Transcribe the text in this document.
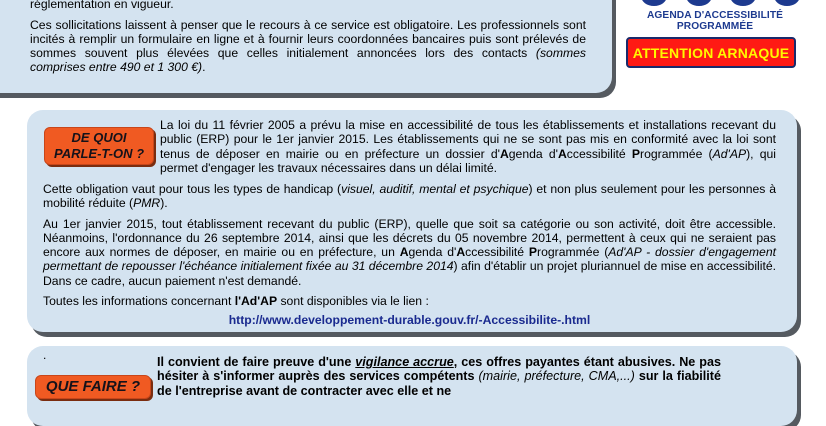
réglementation en vigueur.

Ces sollicitations laissent à penser que le recours à ce service est obligatoire. Les professionnels sont incités à remplir un formulaire en ligne et à fournir leurs coordonnées bancaires puis sont prélevés de sommes souvent plus élevées que celles initialement annoncées lors des contacts (sommes comprises entre 490 et 1 300 €).

AGENDA D'ACCESSIBILITÉ PROGRAMMÉE
ATTENTION ARNAQUE
DE QUOI
PARLE-T-ON ?

La loi du 11 février 2005 a prévu la mise en accessibilité de tous les établissements et installations recevant du public (ERP) pour le 1er janvier 2015. Les établissements qui ne se sont pas mis en conformité avec la loi sont tenus de déposer en mairie ou en préfecture un dossier d'Agenda d'Accessibilité Programmée (Ad'AP), qui permet d'engager les travaux nécessaires dans un délai limité.

Cette obligation vaut pour tous les types de handicap (visuel, auditif, mental et psychique) et non plus seulement pour les personnes à mobilité réduite (PMR).

Au 1er janvier 2015, tout établissement recevant du public (ERP), quelle que soit sa catégorie ou son activité, doit être accessible. Néanmoins, l'ordonnance du 26 septembre 2014, ainsi que les décrets du 05 novembre 2014, permettent à ceux qui ne seraient pas encore aux normes de déposer, en mairie ou en préfecture, un Agenda d'Accessibilité Programmée (Ad'AP - dossier d'engagement permettant de repousser l'échéance initialement fixée au 31 décembre 2014) afin d'établir un projet pluriannuel de mise en accessibilité. Dans ce cadre, aucun paiement n'est demandé.

Toutes les informations concernant l'Ad'AP sont disponibles via le lien :

http://www.developpement-durable.gouv.fr/-Accessibilite-.html

.
QUE FAIRE ?

Il convient de faire preuve d'une vigilance accrue, ces offres payantes étant abusives. Ne pas hésiter à s'informer auprès des services compétents (mairie, préfecture, CMA,...) sur la fiabilité de l'entreprise avant de contracter avec elle et ne
